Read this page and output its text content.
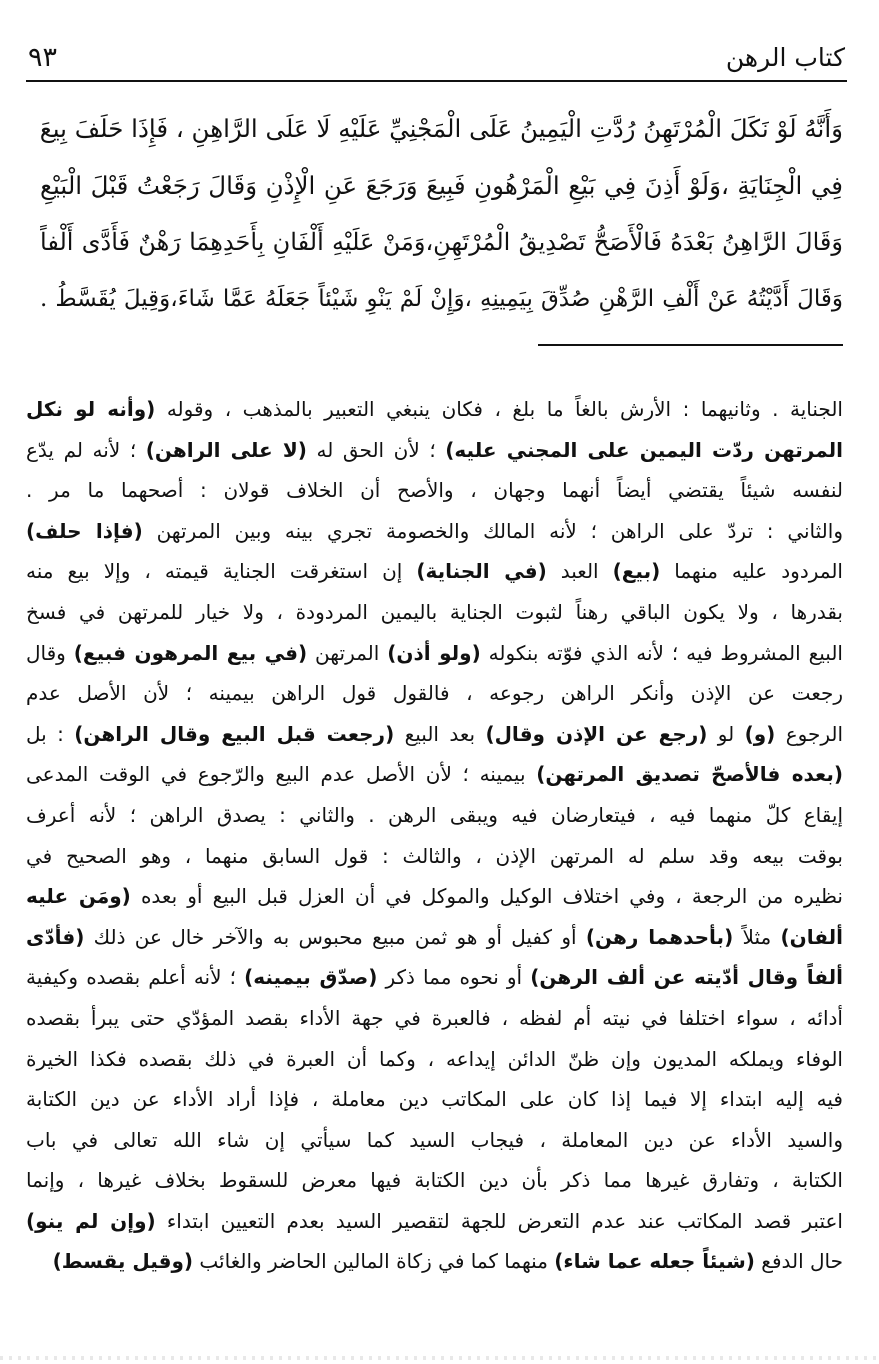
كتاب الرهن
٩٣
وَأَنَّهُ لَوْ نَكَلَ الْمُرْتَهِنُ رُدَّتِ الْيَمِينُ عَلَى الْمَجْنِيِّ عَلَيْهِ لَا عَلَى الرَّاهِنِ ، فَإِذَا حَلَفَ بِيعَ
فِي الْجِنَايَةِ ،وَلَوْ أَذِنَ فِي بَيْعِ الْمَرْهُونِ فَبِيعَ وَرَجَعَ عَنِ الْإِذْنِ وَقَالَ رَجَعْتُ قَبْلَ الْبَيْعِ
وَقَالَ الرَّاهِنُ بَعْدَهُ فَالْأَصَحُّ تَصْدِيقُ الْمُرْتَهِنِ،وَمَنْ عَلَيْهِ أَلْفَانِ بِأَحَدِهِمَا رَهْنٌ فَأَدَّى أَلْفاً
وَقَالَ أَدَّيْتُهُ عَنْ أَلْفِ الرَّهْنِ صُدِّقَ بِيَمِينِهِ ،وَإِنْ لَمْ يَنْوِ شَيْئاً جَعَلَهُ عَمَّا شَاءَ،وَقِيلَ يُقَسَّطُ .
الجناية . وثانيهما : الأرش بالغاً ما بلغ ، فكان ينبغي التعبير بالمذهب ، وقوله (وأنه لو نكل
المرتهن ردّت اليمين على المجني عليه) ؛ لأن الحق له (لا على الراهن) ؛ لأنه لم يدّع
لنفسه شيئاً يقتضي أيضاً أنهما وجهان ، والأصح أن الخلاف قولان : أصحهما ما مر .
والثاني : تردّ على الراهن ؛ لأنه المالك والخصومة تجري بينه وبين المرتهن (فإذا حلف)
المردود عليه منهما (بيع) العبد (في الجناية) إن استغرقت الجناية قيمته ، وإلا بيع منه
بقدرها ، ولا يكون الباقي رهناً لثبوت الجناية باليمين المردودة ، ولا خيار للمرتهن في فسخ
البيع المشروط فيه ؛ لأنه الذي فوّته بنكوله (ولو أذن) المرتهن (في بيع المرهون فبيع) وقال
رجعت عن الإذن وأنكر الراهن رجوعه ، فالقول قول الراهن بيمينه ؛ لأن الأصل عدم
الرجوع (و) لو (رجع عن الإذن وقال) بعد البيع (رجعت قبل البيع وقال الراهن) : بل
(بعده فالأصحّ تصديق المرتهن) بيمينه ؛ لأن الأصل عدم البيع والرّجوع في الوقت المدعى
إيقاع كلّ منهما فيه ، فيتعارضان فيه ويبقى الرهن . والثاني : يصدق الراهن ؛ لأنه أعرف
بوقت بيعه وقد سلم له المرتهن الإذن ، والثالث : قول السابق منهما ، وهو الصحيح في
نظيره من الرجعة ، وفي اختلاف الوكيل والموكل في أن العزل قبل البيع أو بعده (ومَن عليه
ألفان) مثلاً (بأحدهما رهن) أو كفيل أو هو ثمن مبيع محبوس به والآخر خال عن ذلك (فأدّى
ألفاً وقال أدّيته عن ألف الرهن) أو نحوه مما ذكر (صدّق بيمينه) ؛ لأنه أعلم بقصده وكيفية
أدائه ، سواء اختلفا في نيته أم لفظه ، فالعبرة في جهة الأداء بقصد المؤدّي حتى يبرأ بقصده
الوفاء ويملكه المديون وإن ظنّ الدائن إيداعه ، وكما أن العبرة في ذلك بقصده فكذا الخيرة
فيه إليه ابتداء إلا فيما إذا كان على المكاتب دين معاملة ، فإذا أراد الأداء عن دين الكتابة
والسيد الأداء عن دين المعاملة ، فيجاب السيد كما سيأتي إن شاء الله تعالى في باب
الكتابة ، وتفارق غيرها مما ذكر بأن دين الكتابة فيها معرض للسقوط بخلاف غيرها ، وإنما
اعتبر قصد المكاتب عند عدم التعرض للجهة لتقصير السيد بعدم التعيين ابتداء (وإن لم ينو)
حال الدفع (شيئاً جعله عما شاء) منهما كما في زكاة المالين الحاضر والغائب (وقيل يقسط)
